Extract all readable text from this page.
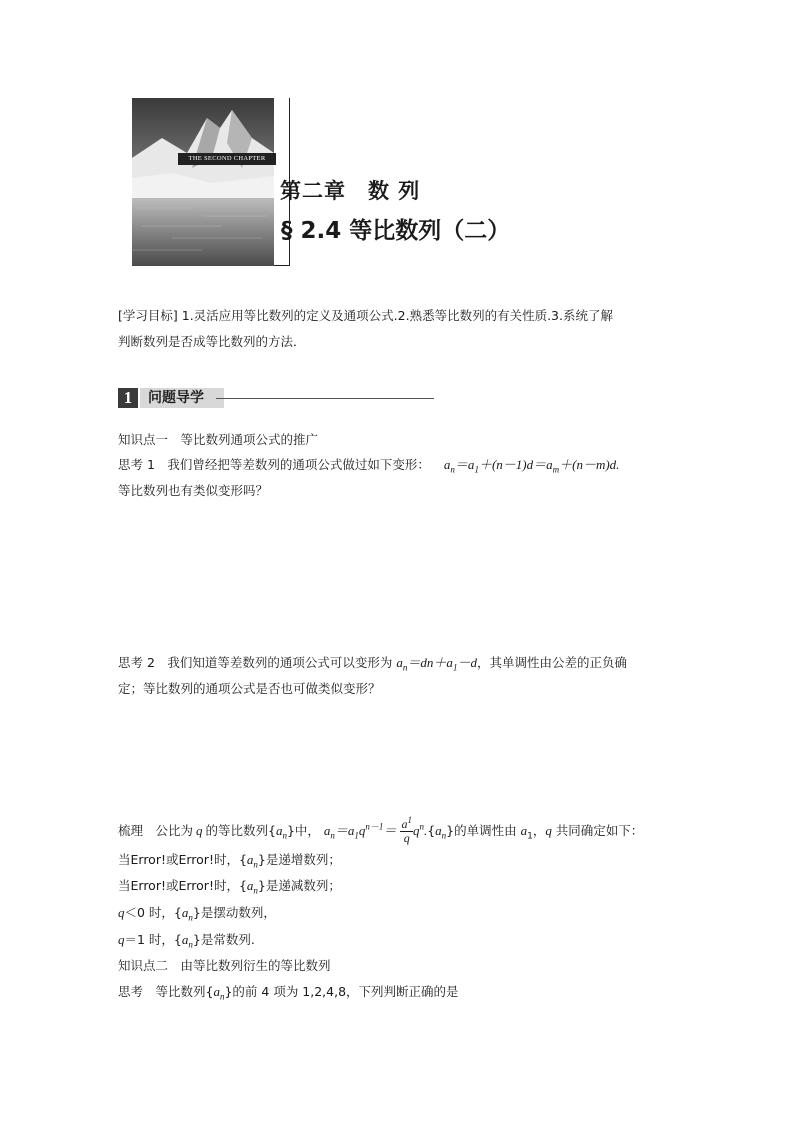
THE SECOND CHAPTER
第二章　数 列
§ 2.4 等比数列（二）
[学习目标] 1.灵活应用等比数列的定义及通项公式.2.熟悉等比数列的有关性质.3.系统了解
判断数列是否成等比数列的方法．
1	问题导学
知识点一　等比数列通项公式的推广
思考 1　我们曾经把等差数列的通项公式做过如下变形： $a_n=a_1+(n-1)d=a_m+(n-m)d$.
等比数列也有类似变形吗？
思考 2　我们知道等差数列的通项公式可以变形为 $a_n=dn+a_1-d$，其单调性由公差的正负确
定；等比数列的通项公式是否也可做类似变形？
梳理　公比为 q 的等比数列$\{a_n\}$中， $a_n=a_1q^{n-1}= \frac{a^1}{q} q^n.\{a_n\}$的单调性由 $a_1$，q 共同确定如下：
当Error!或Error!时，$\{a_n\}$是递增数列；
当Error!或Error!时，$\{a_n\}$是递减数列；
q＜0 时，$\{a_n\}$是摆动数列，
q＝1 时，$\{a_n\}$是常数列.
知识点二　由等比数列衍生的等比数列
思考　等比数列$\{a_n\}$的前 4 项为 1,2,4,8，下列判断正确的是
